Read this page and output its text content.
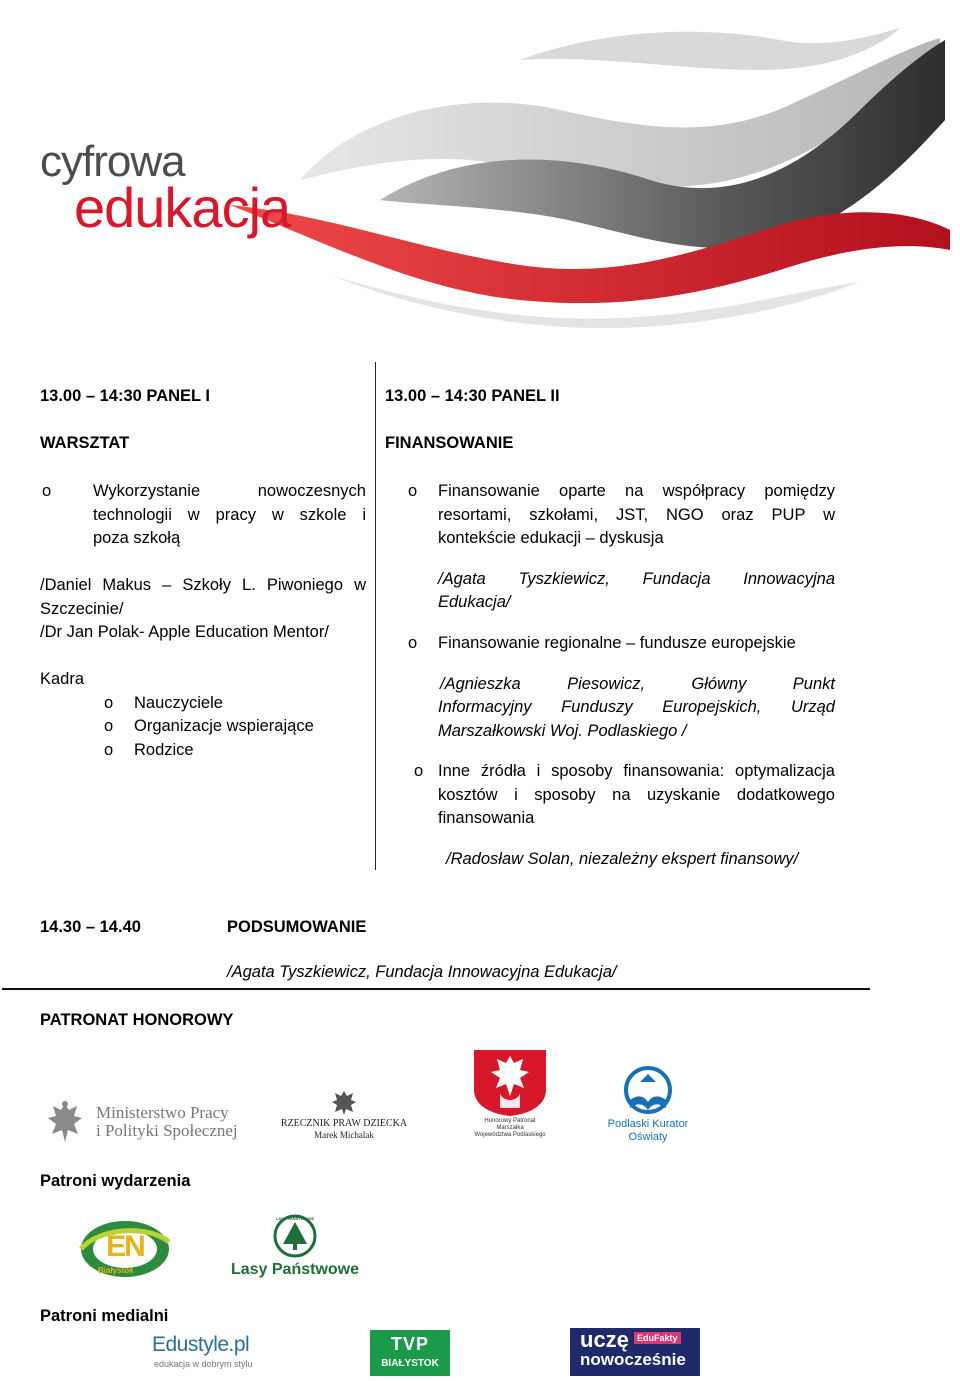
cyfrowa
edukacja
13.00 – 14:30 PANEL I
WARSZTAT
o	Wykorzystanie nowoczesnych
technologii w pracy w szkole i
poza szkołą
/Daniel Makus – Szkoły L. Piwoniego w
Szczecinie/
/Dr Jan Polak- Apple Education Mentor/
Kadra
o Nauczyciele
o Organizacje wspierające
o Rodzice
13.00 – 14:30 PANEL II
FINANSOWANIE
o Finansowanie oparte na współpracy pomiędzy
resortami, szkołami, JST, NGO oraz PUP w
kontekście edukacji – dyskusja
/Agata Tyszkiewicz, Fundacja Innowacyjna
Edukacja/
o Finansowanie regionalne – fundusze europejskie
/Agnieszka Piesowicz, Główny Punkt
Informacyjny Funduszy Europejskich, Urząd
Marszałkowski Woj. Podlaskiego /
o Inne źródła i sposoby finansowania: optymalizacja
kosztów i sposoby na uzyskanie dodatkowego
finansowania
/Radosław Solan, niezależny ekspert finansowy/
14.30 – 14.40	PODSUMOWANIE
/Agata Tyszkiewicz, Fundacja Innowacyjna Edukacja/
PATRONAT HONOROWY
Ministerstwo Pracy
i Polityki Społecznej	RZECZNIK PRAW DZIECKA
Marek Michalak
Honorowy Patronat
Marszałka
Województwa Podlaskiego
Podlaski Kurator
Oświaty
Patroni wydarzenia
EN
Białystok
LASY PAŃSTWOWE
Lasy Państwowe
Patroni medialni
Edustyle.pl
edukacja w dobrym stylu
TVP
BIAŁYSTOK
uczę EduFakty
nowocześnie
